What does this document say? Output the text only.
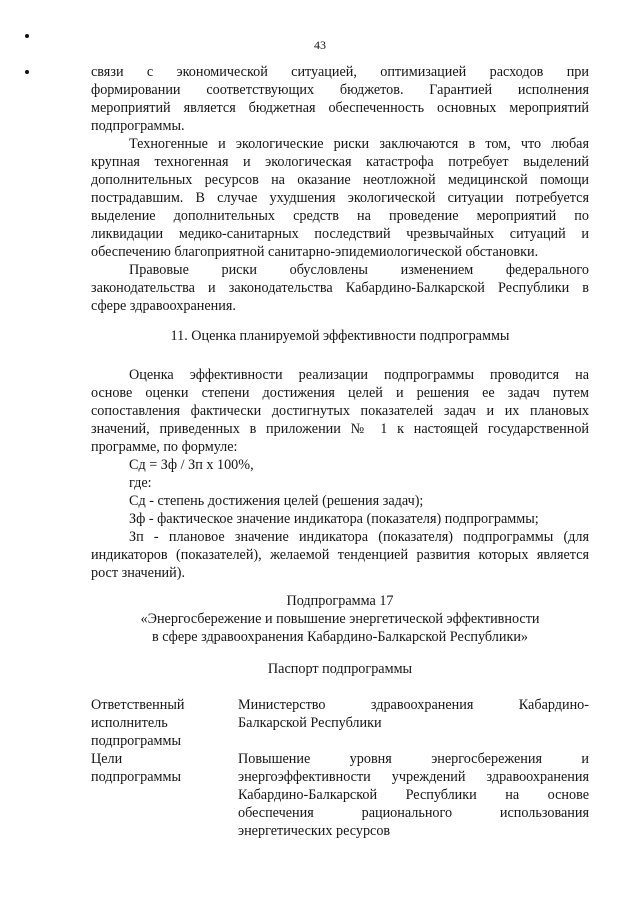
43

связи с экономической ситуацией, оптимизацией расходов при

формировании соответствующих бюджетов. Гарантией исполнения

мероприятий является бюджетная обеспеченность основных мероприятий

подпрограммы.

Техногенные и экологические риски заключаются в том, что любая

крупная техногенная и экологическая катастрофа потребует выделений

дополнительных ресурсов на оказание неотложной медицинской помощи

пострадавшим. В случае ухудшения экологической ситуации потребуется

выделение дополнительных средств на проведение мероприятий по

ликвидации медико-санитарных последствий чрезвычайных ситуаций и

обеспечению благоприятной санитарно-эпидемиологической обстановки.

Правовые риски обусловлены изменением федерального

законодательства и законодательства Кабардино-Балкарской Республики в

сфере здравоохранения.

11. Оценка планируемой эффективности подпрограммы

Оценка эффективности реализации подпрограммы проводится на

основе оценки степени достижения целей и решения ее задач путем

сопоставления фактически достигнутых показателей задач и их плановых

значений, приведенных в приложении № 1 к настоящей государственной

программе, по формуле:

Сд = Зф / Зп x 100%,

где:

Сд - степень достижения целей (решения задач);

Зф - фактическое значение индикатора (показателя) подпрограммы;

Зп - плановое значение индикатора (показателя) подпрограммы (для

индикаторов (показателей), желаемой тенденцией развития которых является

рост значений).

Подпрограмма 17

«Энергосбережение и повышение энергетической эффективности

в сфере здравоохранения Кабардино-Балкарской Республики»

Паспорт подпрограммы

Ответственный

исполнитель

подпрограммы

Министерство здравоохранения Кабардино-

Балкарской Республики

Цели

подпрограммы

Повышение уровня энергосбережения и

энергоэффективности учреждений здравоохранения

Кабардино-Балкарской Республики на основе

обеспечения рационального использования

энергетических ресурсов
